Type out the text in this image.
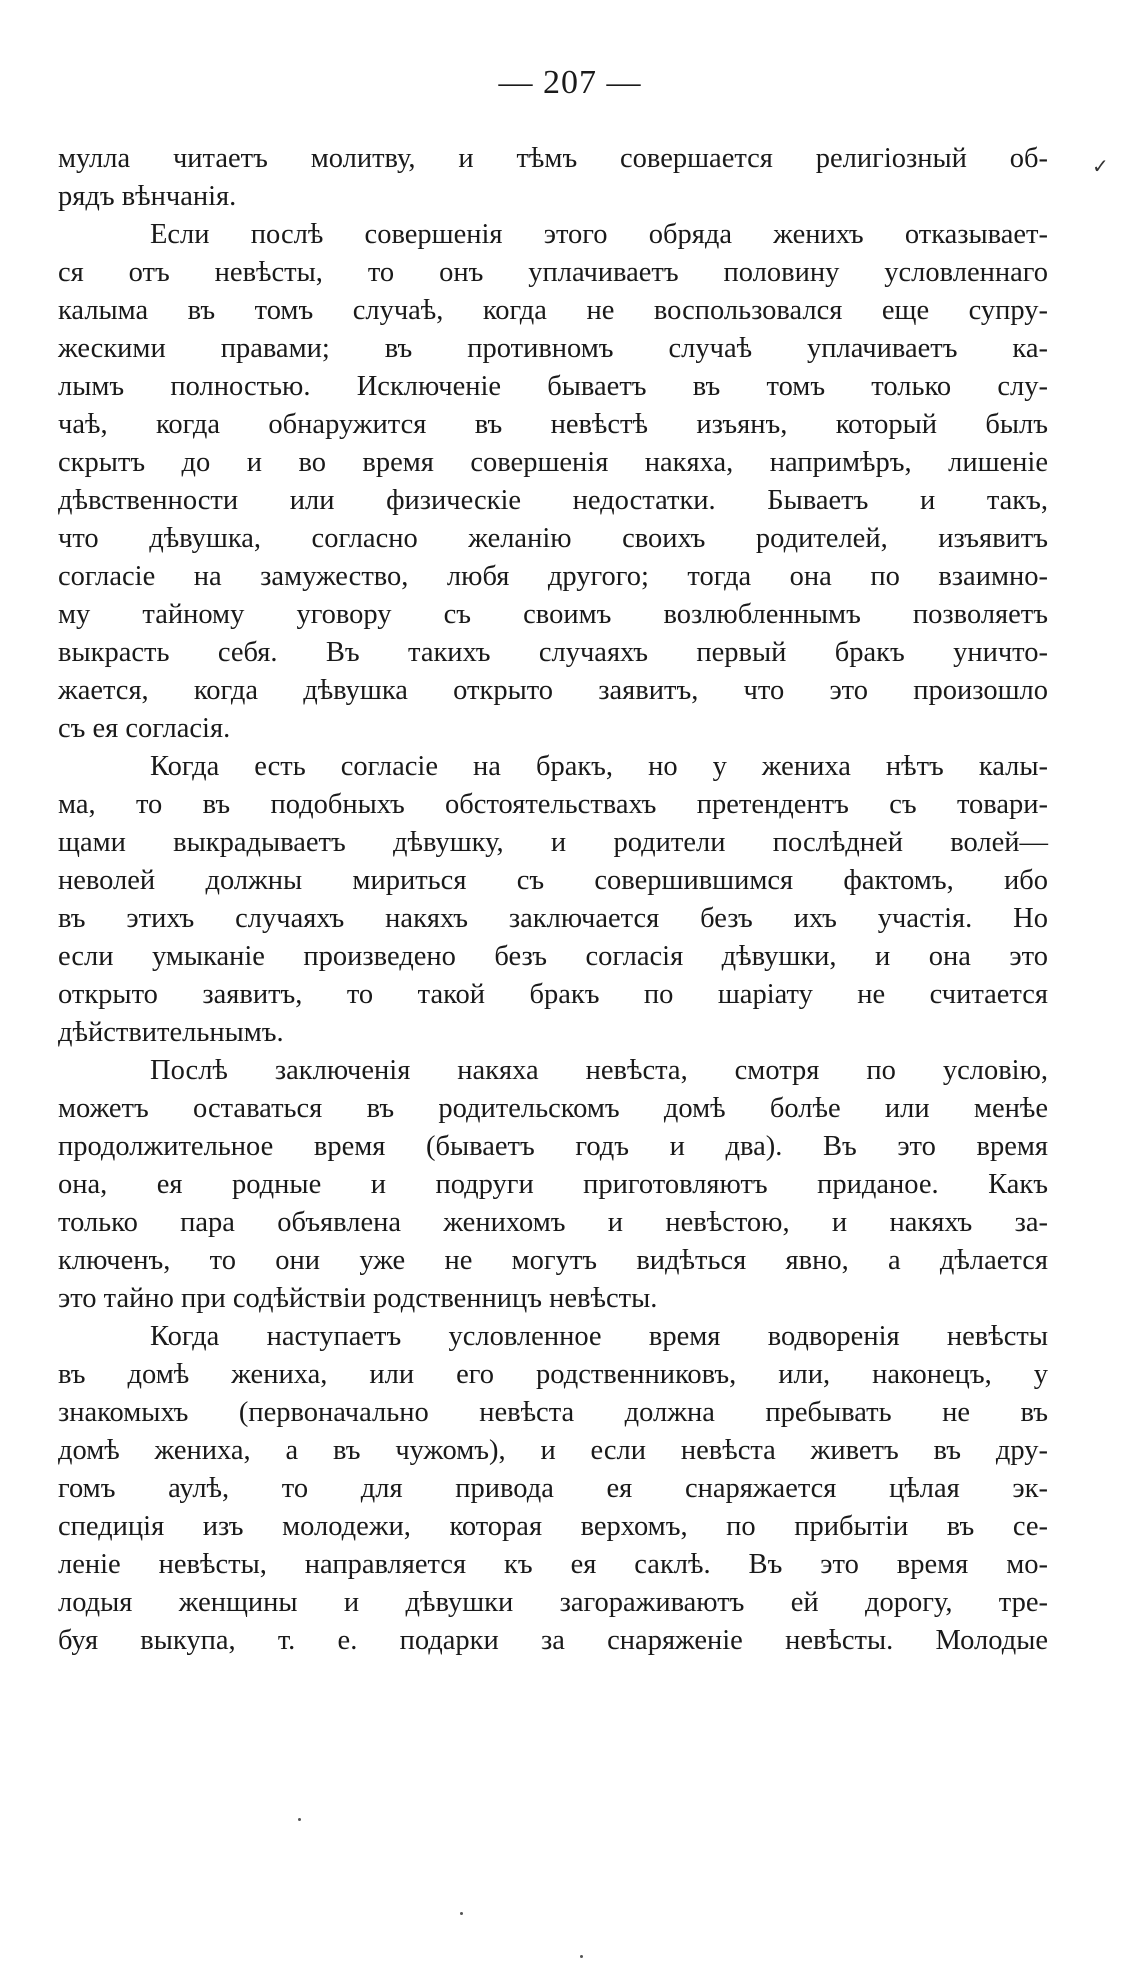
— 207 —
✓
мулла читаетъ молитву, и тѣмъ совершается религіозный об-
рядъ вѣнчанія.
Если послѣ совершенія этого обряда женихъ отказывает-
ся отъ невѣсты, то онъ уплачиваетъ половину условленнаго
калыма въ томъ случаѣ, когда не воспользовался еще супру-
жескими правами; въ противномъ случаѣ уплачиваетъ ка-
лымъ полностью. Исключеніе бываетъ въ томъ только слу-
чаѣ, когда обнаружится въ невѣстѣ изъянъ, который былъ
скрытъ до и во время совершенія накяха, напримѣръ, лишеніе
дѣвственности или физическіе недостатки. Бываетъ и такъ,
что дѣвушка, согласно желанію своихъ родителей, изъявитъ
согласіе на замужество, любя другого; тогда она по взаимно-
му тайному уговору съ своимъ возлюбленнымъ позволяетъ
выкрасть себя. Въ такихъ случаяхъ первый бракъ уничто-
жается, когда дѣвушка открыто заявитъ, что это произошло
съ ея согласія.
Когда есть согласіе на бракъ, но у жениха нѣтъ калы-
ма, то въ подобныхъ обстоятельствахъ претендентъ съ товари-
щами выкрадываетъ дѣвушку, и родители послѣдней волей—
неволей должны мириться съ совершившимся фактомъ, ибо
въ этихъ случаяхъ накяхъ заключается безъ ихъ участія. Но
если умыканіе произведено безъ согласія дѣвушки, и она это
открыто заявитъ, то такой бракъ по шаріату не считается
дѣйствительнымъ.
Послѣ заключенія накяха невѣста, смотря по условію,
можетъ оставаться въ родительскомъ домѣ болѣе или менѣе
продолжительное время (бываетъ годъ и два). Въ это время
она, ея родные и подруги приготовляютъ приданое. Какъ
только пара объявлена женихомъ и невѣстою, и накяхъ за-
ключенъ, то они уже не могутъ видѣться явно, а дѣлается
это тайно при содѣйствіи родственницъ невѣсты.
Когда наступаетъ условленное время водворенія невѣсты
въ домѣ жениха, или его родственниковъ, или, наконецъ, у
знакомыхъ (первоначально невѣста должна пребывать не въ
домѣ жениха, а въ чужомъ), и если невѣста живетъ въ дру-
гомъ аулѣ, то для привода ея снаряжается цѣлая эк-
спедиція изъ молодежи, которая верхомъ, по прибытіи въ се-
леніе невѣсты, направляется къ ея саклѣ. Въ это время мо-
лодыя женщины и дѣвушки загораживаютъ ей дорогу, тре-
буя выкупа, т. е. подарки за снаряженіе невѣсты. Молодые
